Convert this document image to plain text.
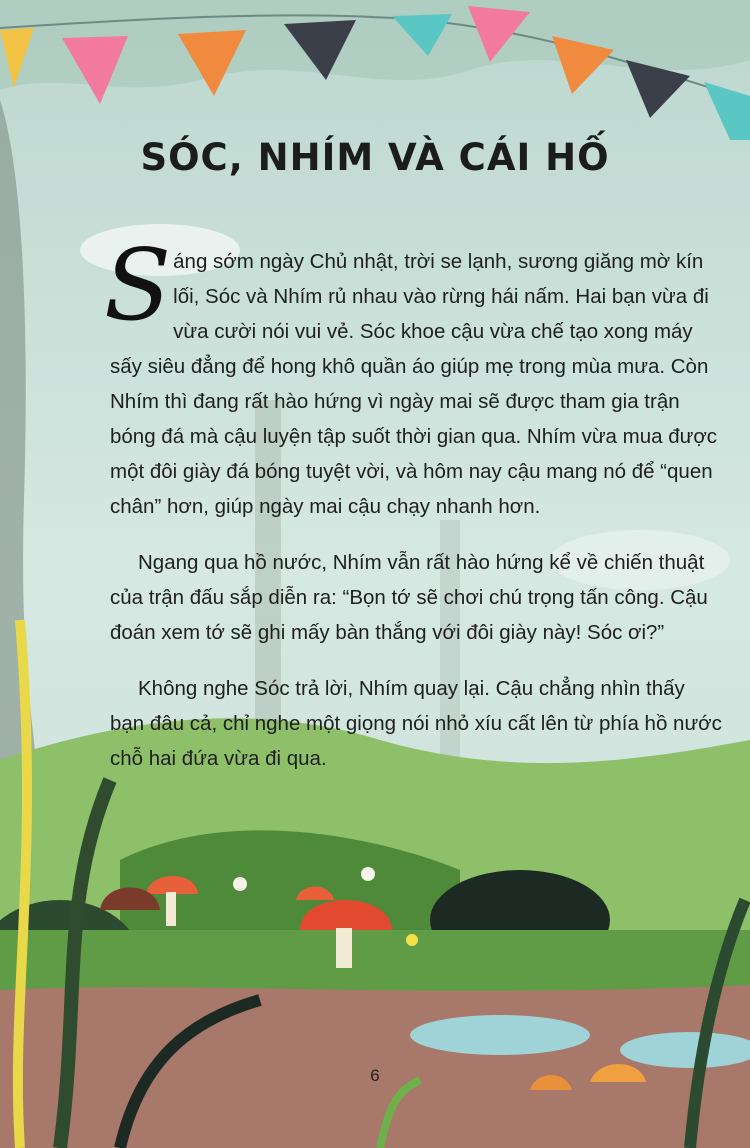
SÓC, NHÍM VÀ CÁI HỐ

Sáng sớm ngày Chủ nhật, trời se lạnh, sương giăng mờ kín lối, Sóc và Nhím rủ nhau vào rừng hái nấm. Hai bạn vừa đi vừa cười nói vui vẻ. Sóc khoe cậu vừa chế tạo xong máy sấy siêu đẳng để hong khô quần áo giúp mẹ trong mùa mưa. Còn Nhím thì đang rất hào hứng vì ngày mai sẽ được tham gia trận bóng đá mà cậu luyện tập suốt thời gian qua. Nhím vừa mua được một đôi giày đá bóng tuyệt vời, và hôm nay cậu mang nó để “quen chân” hơn, giúp ngày mai cậu chạy nhanh hơn.

Ngang qua hồ nước, Nhím vẫn rất hào hứng kể về chiến thuật của trận đấu sắp diễn ra: “Bọn tớ sẽ chơi chú trọng tấn công. Cậu đoán xem tớ sẽ ghi mấy bàn thắng với đôi giày này! Sóc ơi?”

Không nghe Sóc trả lời, Nhím quay lại. Cậu chẳng nhìn thấy bạn đâu cả, chỉ nghe một giọng nói nhỏ xíu cất lên từ phía hồ nước chỗ hai đứa vừa đi qua.

6
